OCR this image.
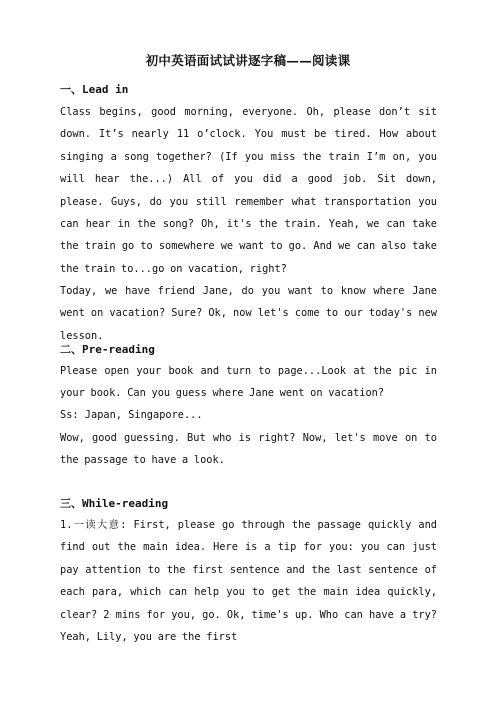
初中英语面试试讲逐字稿——阅读课
一、Lead in
Class begins, good morning, everyone. Oh, please don’t sit down. It’s nearly 11 o’clock. You must be tired. How about singing a song together? (If you miss the train I’m on, you will hear the...) All of you did a good job. Sit down, please. Guys, do you still remember what transportation you can hear in the song? Oh, it's the train. Yeah, we can take the train go to somewhere we want to go. And we can also take the train to...go on vacation, right?
Today, we have friend Jane, do you want to know where Jane went on vacation? Sure? Ok, now let's come to our today's new lesson.
二、Pre-reading
Please open your book and turn to page...Look at the pic in your book. Can you guess where Jane went on vacation?
Ss: Japan, Singapore...
Wow, good guessing. But who is right? Now, let's move on to the passage to have a look.
三、While-reading
1.一读大意: First, please go through the passage quickly and find out the main idea. Here is a tip for you: you can just pay attention to the first sentence and the last sentence of each para, which can help you to get the main idea quickly, clear? 2 mins for you, go. Ok, time's up. Who can have a try? Yeah, Lily, you are the first
